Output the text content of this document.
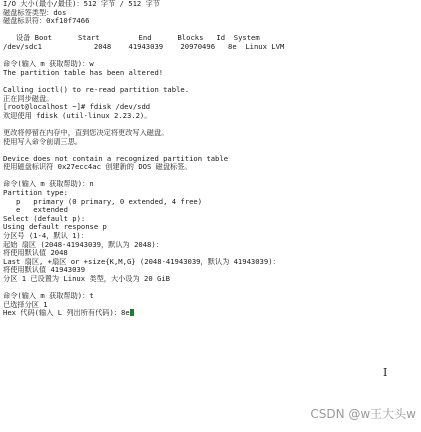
I/O 大小(最小/最佳)：512 字节 / 512 字节
磁盘标签类型：dos
磁盘标识符：0xf10f7466
设备 Boot      Start         End      Blocks   Id  System
/dev/sdc1            2048    41943039    20970496   8e  Linux LVM
命令(输入 m 获取帮助)：w
The partition table has been altered!
Calling ioctl() to re-read partition table.
正在同步磁盘。
[root@localhost ~]# fdisk /dev/sdd
欢迎使用 fdisk (util-linux 2.23.2)。
更改将停留在内存中，直到您决定将更改写入磁盘。
使用写入命令前请三思。
Device does not contain a recognized partition table
使用磁盘标识符 0x27ecc4ac 创建新的 DOS 磁盘标签。
命令(输入 m 获取帮助)：n
Partition type:
p   primary (0 primary, 0 extended, 4 free)
e   extended
Select (default p):
Using default response p
分区号 (1-4，默认 1)：
起始 扇区 (2048-41943039，默认为 2048)：
将使用默认值 2048
Last 扇区, +扇区 or +size{K,M,G} (2048-41943039，默认为 41943039)：
将使用默认值 41943039
分区 1 已设置为 Linux 类型，大小设为 20 GiB
命令(输入 m 获取帮助)：t
已选择分区 1
Hex 代码(输入 L 列出所有代码)：8e
I
CSDN @w王大头w
